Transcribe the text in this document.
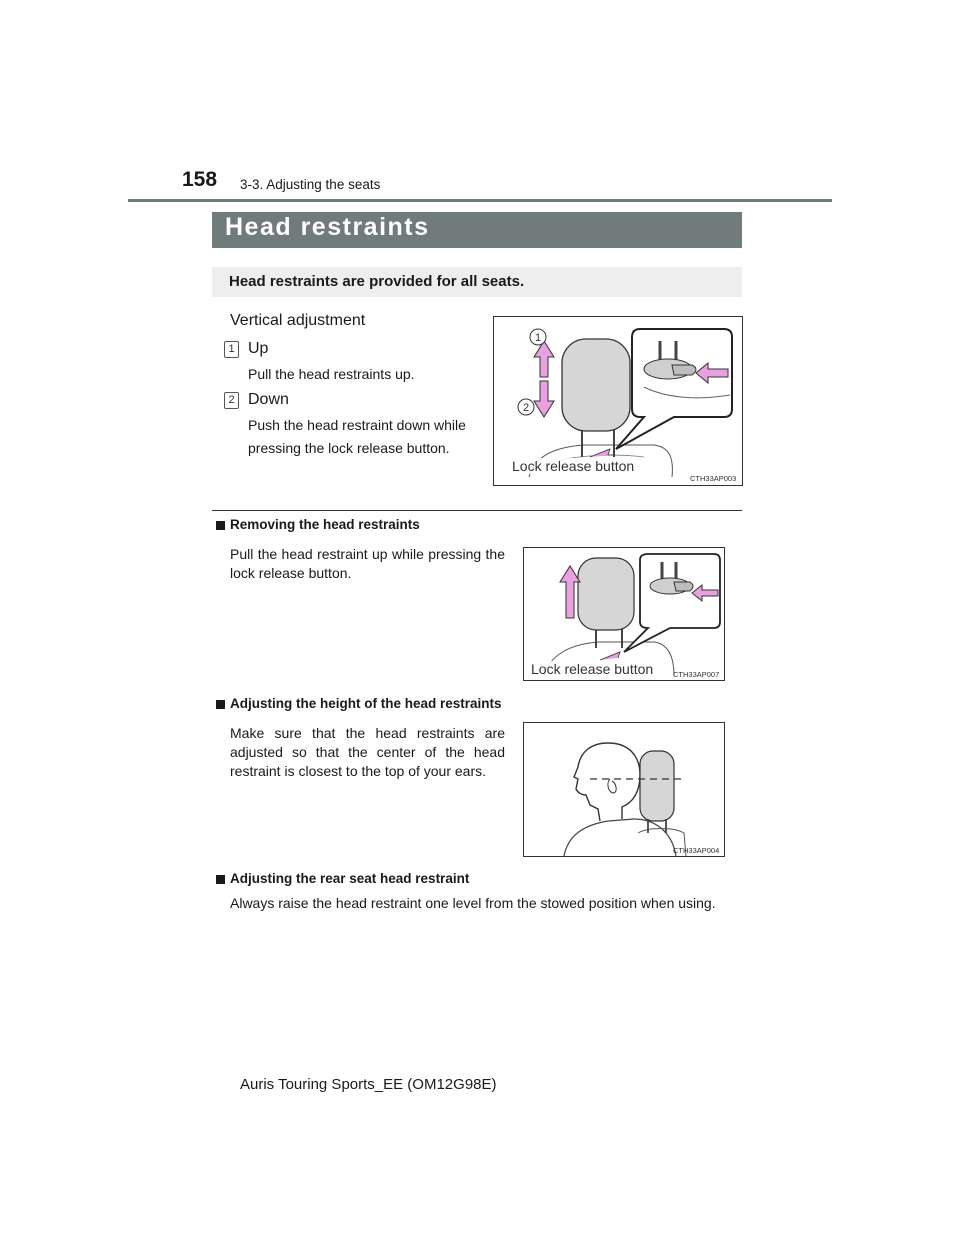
158 3-3. Adjusting the seats
Head restraints
Head restraints are provided for all seats.
Vertical adjustment
1 Up
Pull the head restraints up.
2 Down
Push the head restraint down while pressing the lock release button.
1
2
Lock release button
CTH33AP003
Removing the head restraints
Pull the head restraint up while pressing the lock release button.
Lock release button	CTH33AP007
Adjusting the height of the head restraints
Make sure that the head restraints are adjusted so that the center of the head restraint is closest to the top of your ears.
CTH33AP004
Adjusting the rear seat head restraint
Always raise the head restraint one level from the stowed position when using.
Auris Touring Sports_EE (OM12G98E)
